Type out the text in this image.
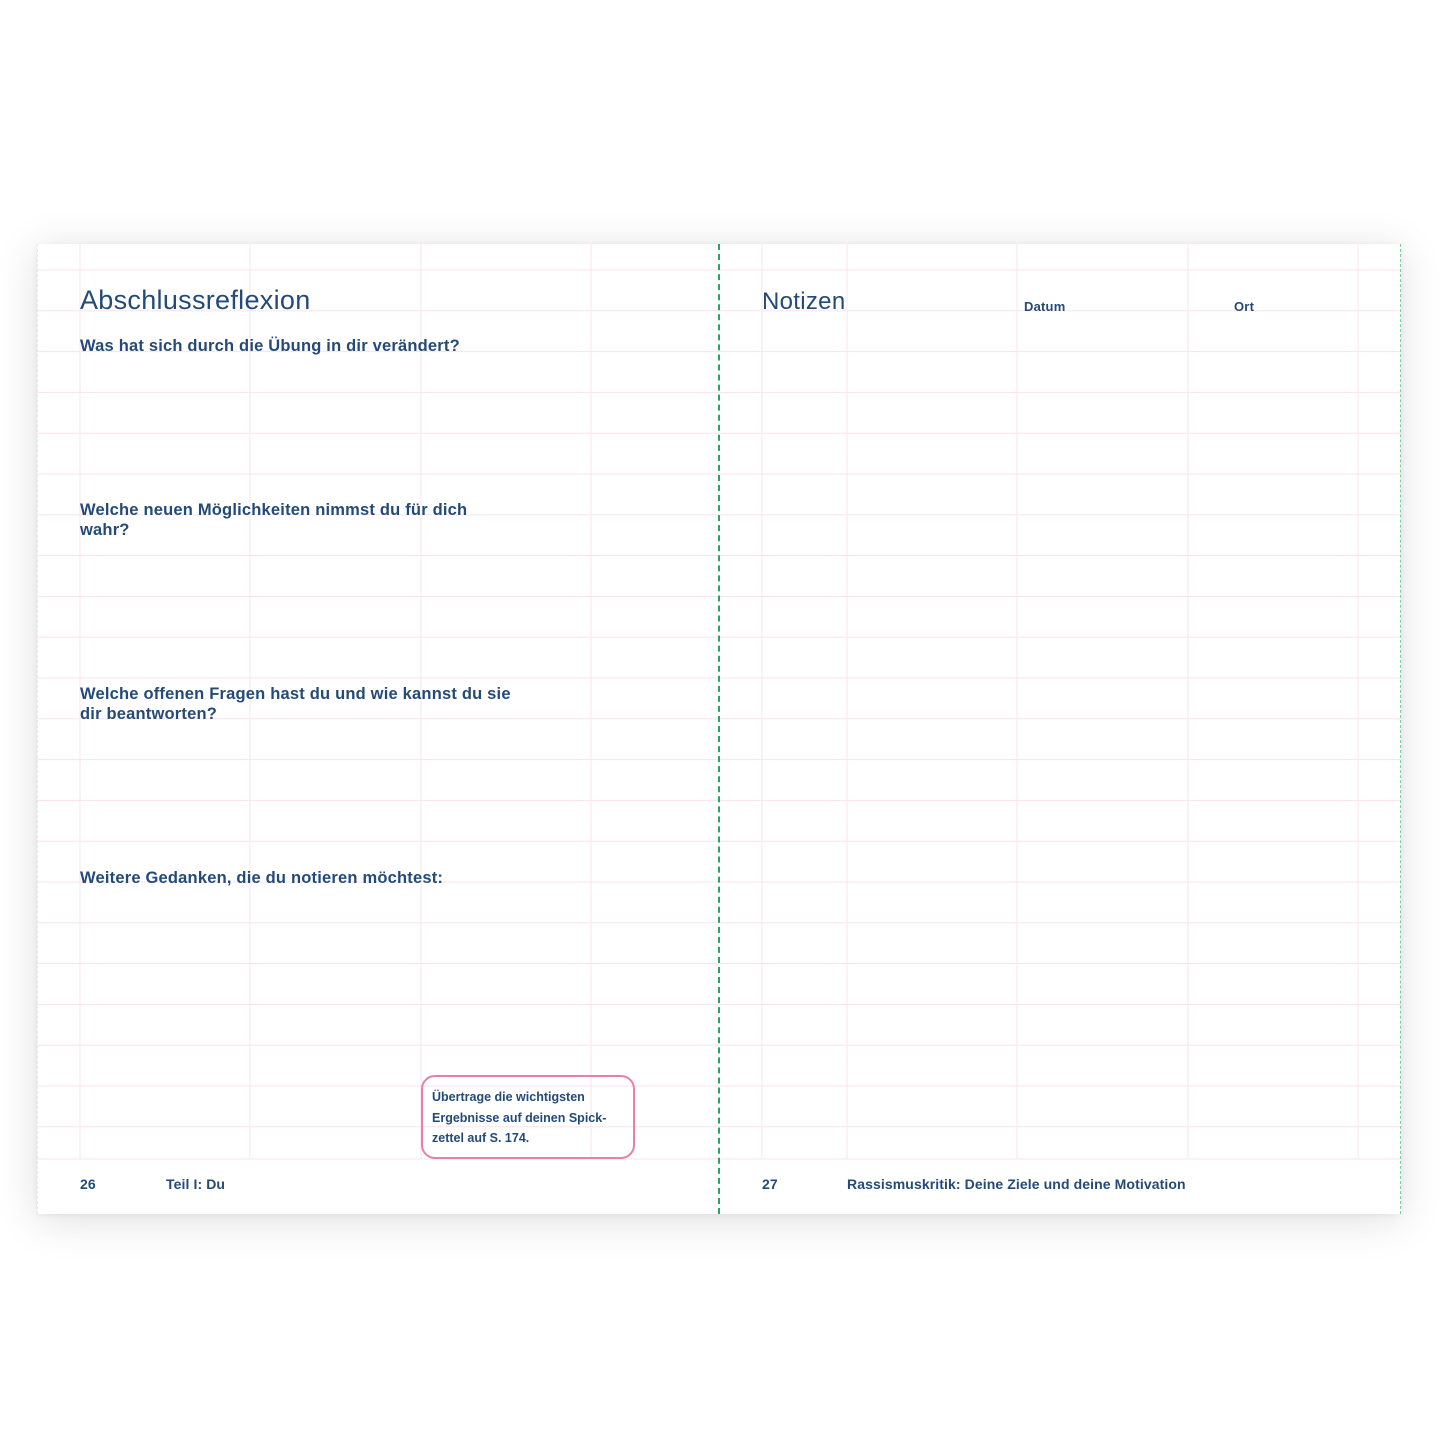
Abschlussreflexion

Was hat sich durch die Übung in dir verändert?

Welche neuen Möglichkeiten nimmst du für dich wahr?

Welche offenen Fragen hast du und wie kannst du sie dir beantworten?

Weitere Gedanken, die du notieren möchtest:

Übertrage die wichtigsten Ergebnisse auf deinen Spick-zettel auf S. 174.

26	Teil I: Du
Notizen	Datum	Ort
27	Rassismuskritik: Deine Ziele und deine Motivation
